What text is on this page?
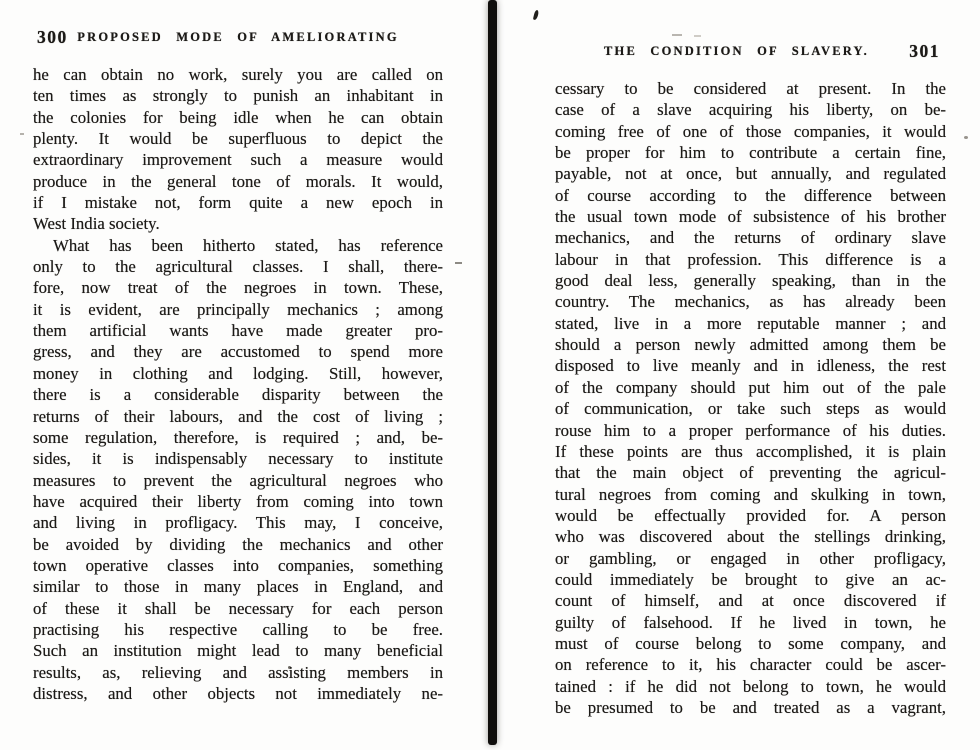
300 PROPOSED MODE OF AMELIORATING
he can obtain no work, surely you are called on
ten times as strongly to punish an inhabitant in
the colonies for being idle when he can obtain
plenty. It would be superfluous to depict the
extraordinary improvement such a measure would
produce in the general tone of morals. It would,
if I mistake not, form quite a new epoch in
West India society.
What has been hitherto stated, has reference
only to the agricultural classes. I shall, there-
fore, now treat of the negroes in town. These,
it is evident, are principally mechanics ; among
them artificial wants have made greater pro-
gress, and they are accustomed to spend more
money in clothing and lodging. Still, however,
there is a considerable disparity between the
returns of their labours, and the cost of living ;
some regulation, therefore, is required ; and, be-
sides, it is indispensably necessary to institute
measures to prevent the agricultural negroes who
have acquired their liberty from coming into town
and living in profligacy. This may, I conceive,
be avoided by dividing the mechanics and other
town operative classes into companies, something
similar to those in many places in England, and
of these it shall be necessary for each person
practising his respective calling to be free.
Such an institution might lead to many beneficial
results, as, relieving and assisting members in
distress, and other objects not immediately ne-
THE CONDITION OF SLAVERY.	301
cessary to be considered at present. In the
case of a slave acquiring his liberty, on be-
coming free of one of those companies, it would
be proper for him to contribute a certain fine,
payable, not at once, but annually, and regulated
of course according to the difference between
the usual town mode of subsistence of his brother
mechanics, and the returns of ordinary slave
labour in that profession. This difference is a
good deal less, generally speaking, than in the
country. The mechanics, as has already been
stated, live in a more reputable manner ; and
should a person newly admitted among them be
disposed to live meanly and in idleness, the rest
of the company should put him out of the pale
of communication, or take such steps as would
rouse him to a proper performance of his duties.
If these points are thus accomplished, it is plain
that the main object of preventing the agricul-
tural negroes from coming and skulking in town,
would be effectually provided for. A person
who was discovered about the stellings drinking,
or gambling, or engaged in other profligacy,
could immediately be brought to give an ac-
count of himself, and at once discovered if
guilty of falsehood. If he lived in town, he
must of course belong to some company, and
on reference to it, his character could be ascer-
tained : if he did not belong to town, he would
be presumed to be and treated as a vagrant,
